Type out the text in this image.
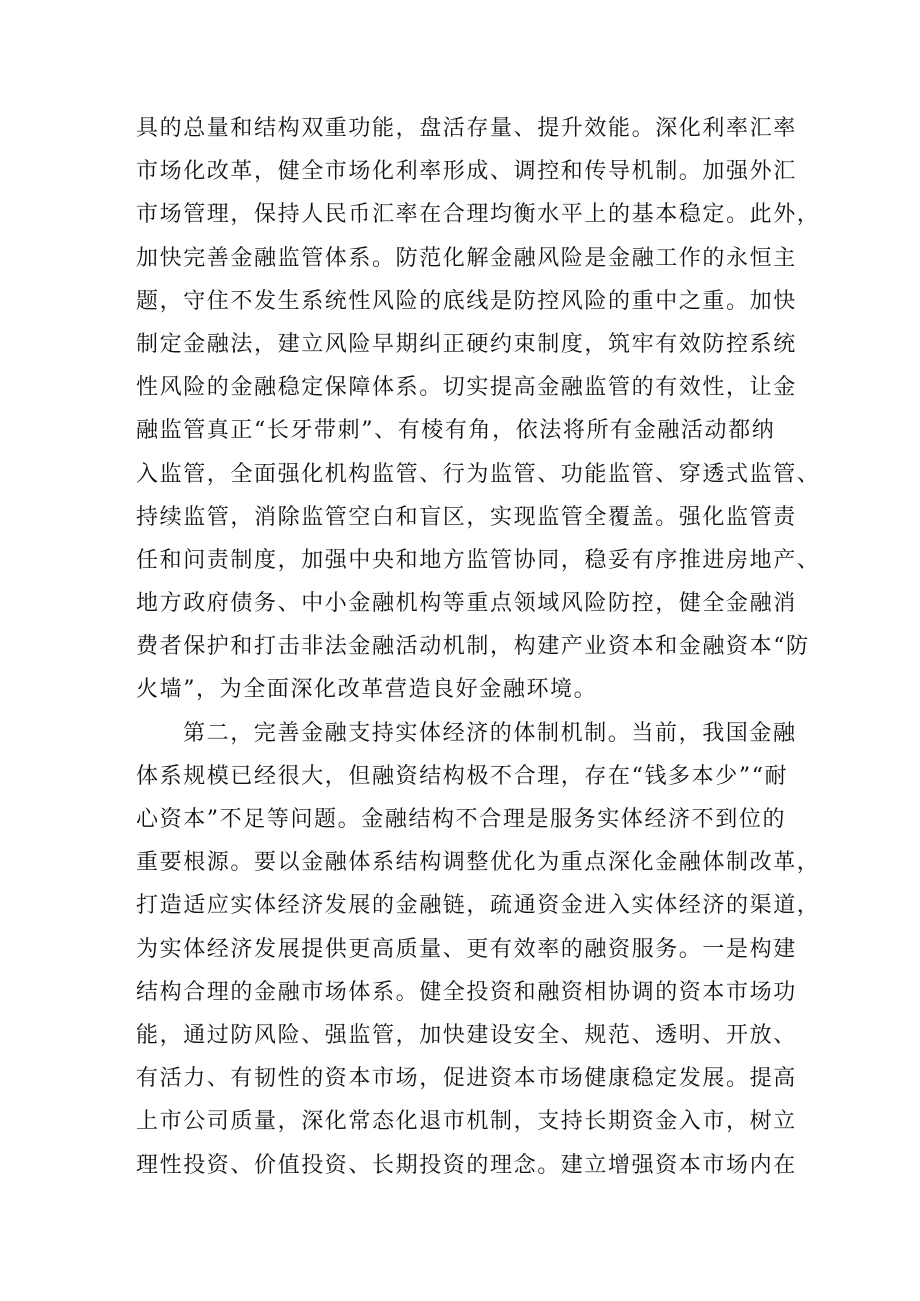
具的总量和结构双重功能，盘活存量、提升效能。深化利率汇率
市场化改革，健全市场化利率形成、调控和传导机制。加强外汇
市场管理，保持人民币汇率在合理均衡水平上的基本稳定。此外，
加快完善金融监管体系。防范化解金融风险是金融工作的永恒主
题，守住不发生系统性风险的底线是防控风险的重中之重。加快
制定金融法，建立风险早期纠正硬约束制度，筑牢有效防控系统
性风险的金融稳定保障体系。切实提高金融监管的有效性，让金
融监管真正“长牙带刺”、有棱有角，依法将所有金融活动都纳
入监管，全面强化机构监管、行为监管、功能监管、穿透式监管、
持续监管，消除监管空白和盲区，实现监管全覆盖。强化监管责
任和问责制度，加强中央和地方监管协同，稳妥有序推进房地产、
地方政府债务、中小金融机构等重点领域风险防控，健全金融消
费者保护和打击非法金融活动机制，构建产业资本和金融资本“防
火墙”，为全面深化改革营造良好金融环境。
第二，完善金融支持实体经济的体制机制。当前，我国金融
体系规模已经很大，但融资结构极不合理，存在“钱多本少”“耐
心资本”不足等问题。金融结构不合理是服务实体经济不到位的
重要根源。要以金融体系结构调整优化为重点深化金融体制改革，
打造适应实体经济发展的金融链，疏通资金进入实体经济的渠道，
为实体经济发展提供更高质量、更有效率的融资服务。一是构建
结构合理的金融市场体系。健全投资和融资相协调的资本市场功
能，通过防风险、强监管，加快建设安全、规范、透明、开放、
有活力、有韧性的资本市场，促进资本市场健康稳定发展。提高
上市公司质量，深化常态化退市机制，支持长期资金入市，树立
理性投资、价值投资、长期投资的理念。建立增强资本市场内在
